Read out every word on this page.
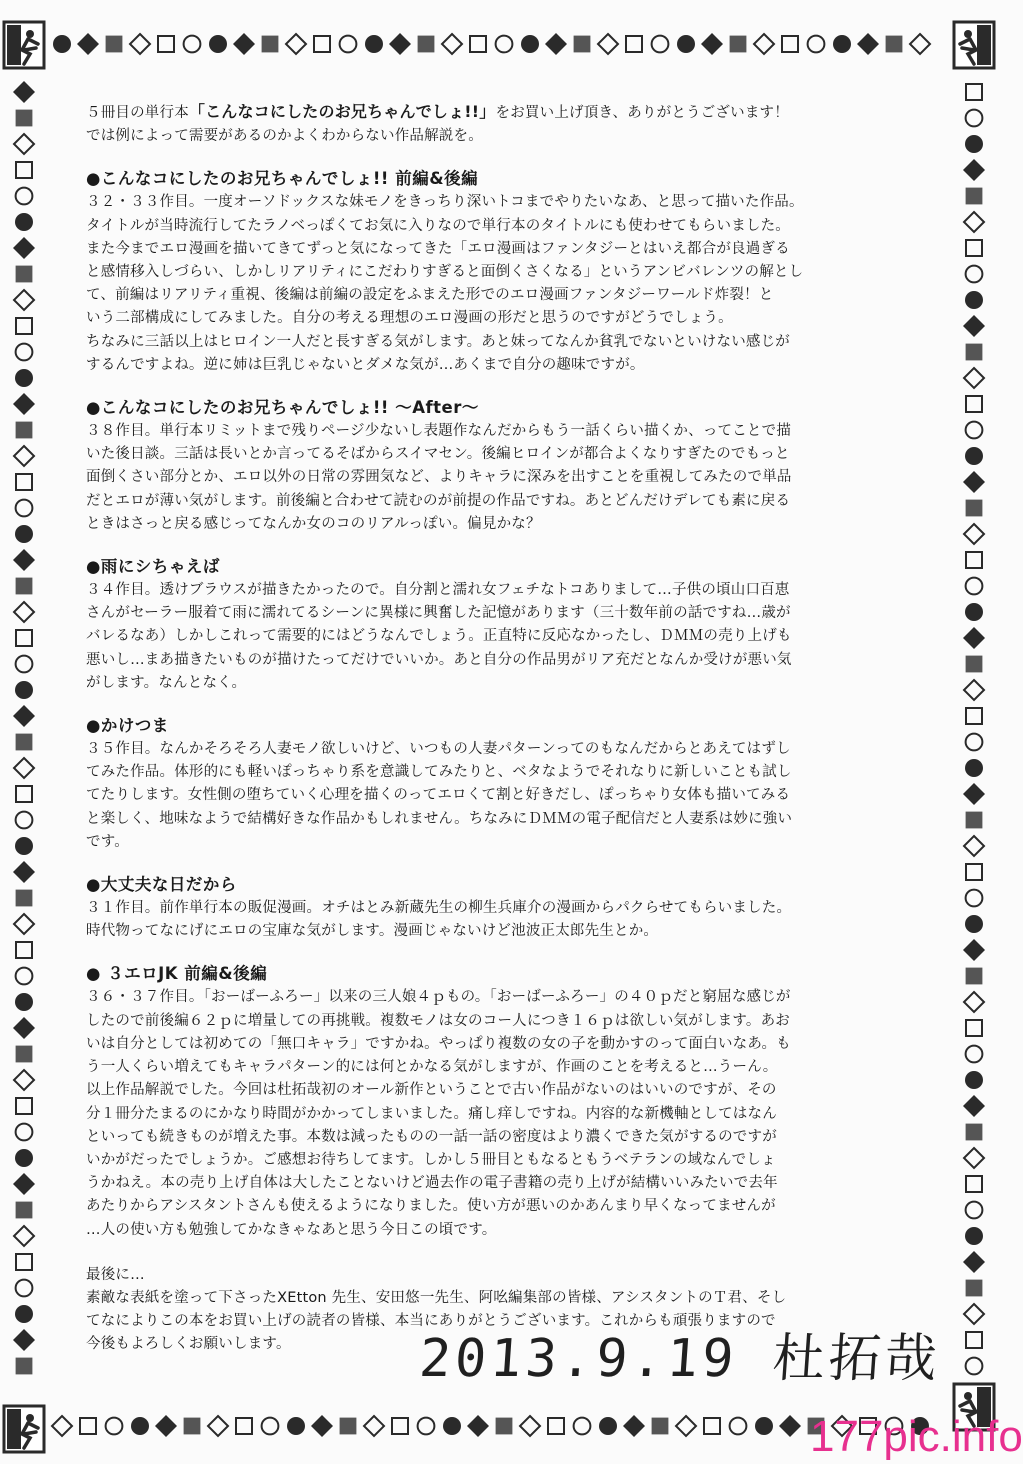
５冊目の単行本「こんなコにしたのお兄ちゃんでしょ!!」をお買い上げ頂き、ありがとうございます！

では例によって需要があるのかよくわからない作品解説を。

●こんなコにしたのお兄ちゃんでしょ!! 前編&後編

３２・３３作目。一度オーソドックスな妹モノをきっちり深いトコまでやりたいなあ、と思って描いた作品。
タイトルが当時流行してたラノベっぽくてお気に入りなので単行本のタイトルにも使わせてもらいました。
また今までエロ漫画を描いてきてずっと気になってきた「エロ漫画はファンタジーとはいえ都合が良過ぎる
と感情移入しづらい、しかしリアリティにこだわりすぎると面倒くさくなる」というアンビバレンツの解とし
て、前編はリアリティ重視、後編は前編の設定をふまえた形でのエロ漫画ファンタジーワールド炸裂！と
いう二部構成にしてみました。自分の考える理想のエロ漫画の形だと思うのですがどうでしょう。
ちなみに三話以上はヒロイン一人だと長すぎる気がします。あと妹ってなんか貧乳でないといけない感じが
するんですよね。逆に姉は巨乳じゃないとダメな気が…あくまで自分の趣味ですが。

●こんなコにしたのお兄ちゃんでしょ!! ～After～

３８作目。単行本リミットまで残りページ少ないし表題作なんだからもう一話くらい描くか、ってことで描
いた後日談。三話は長いとか言ってるそばからスイマセン。後編ヒロインが都合よくなりすぎたのでもっと
面倒くさい部分とか、エロ以外の日常の雰囲気など、よりキャラに深みを出すことを重視してみたので単品
だとエロが薄い気がします。前後編と合わせて読むのが前提の作品ですね。あとどんだけデレても素に戻る
ときはさっと戻る感じってなんか女のコのリアルっぽい。偏見かな？

●雨にシちゃえば

３４作目。透けブラウスが描きたかったので。自分割と濡れ女フェチなトコありまして…子供の頃山口百恵
さんがセーラー服着て雨に濡れてるシーンに異様に興奮した記憶があります（三十数年前の話ですね…歳が
バレるなあ）しかしこれって需要的にはどうなんでしょう。正直特に反応なかったし、ＤＭＭの売り上げも
悪いし…まあ描きたいものが描けたってだけでいいか。あと自分の作品男がリア充だとなんか受けが悪い気
がします。なんとなく。

●かけつま

３５作目。なんかそろそろ人妻モノ欲しいけど、いつもの人妻パターンってのもなんだからとあえてはずし
てみた作品。体形的にも軽いぽっちゃり系を意識してみたりと、ベタなようでそれなりに新しいことも試し
てたりします。女性側の堕ちていく心理を描くのってエロくて割と好きだし、ぽっちゃり女体も描いてみる
と楽しく、地味なようで結構好きな作品かもしれません。ちなみにＤＭＭの電子配信だと人妻系は妙に強い
です。

●大丈夫な日だから

３１作目。前作単行本の販促漫画。オチはとみ新蔵先生の柳生兵庫介の漫画からパクらせてもらいました。
時代物ってなにげにエロの宝庫な気がします。漫画じゃないけど池波正太郎先生とか。

● ３エロJK 前編&後編

３６・３７作目。「おーばーふろー」以来の三人娘４ｐもの。「おーばーふろー」の４０ｐだと窮屈な感じが
したので前後編６２ｐに増量しての再挑戦。複数モノは女のコー人につき１６ｐは欲しい気がします。あお
いは自分としては初めての「無口キャラ」ですかね。やっぱり複数の女の子を動かすのって面白いなあ。も
う一人くらい増えてもキャラパターン的には何とかなる気がしますが、作画のことを考えると…うーん。

以上作品解説でした。今回は杜拓哉初のオール新作ということで古い作品がないのはいいのですが、その
分１冊分たまるのにかなり時間がかかってしまいました。痛し痒しですね。内容的な新機軸としてはなん
といっても続きものが増えた事。本数は減ったものの一話一話の密度はより濃くできた気がするのですが
いかがだったでしょうか。ご感想お待ちしてます。しかし５冊目ともなるともうベテランの域なんでしょ
うかねえ。本の売り上げ自体は大したことないけど過去作の電子書籍の売り上げが結構いいみたいで去年
あたりからアシスタントさんも使えるようになりました。使い方が悪いのかあんまり早くなってませんが
…人の使い方も勉強してかなきゃなあと思う今日この頃です。

最後に…

素敵な表紙を塗って下さったXEtton 先生、安田悠一先生、阿吆編集部の皆様、アシスタントのＴ君、そし
てなによりこの本をお買い上げの読者の皆様、本当にありがとうございます。これからも頑張りますので
今後もよろしくお願いします。	2013.9.19 杜拓哉
177pic.info
